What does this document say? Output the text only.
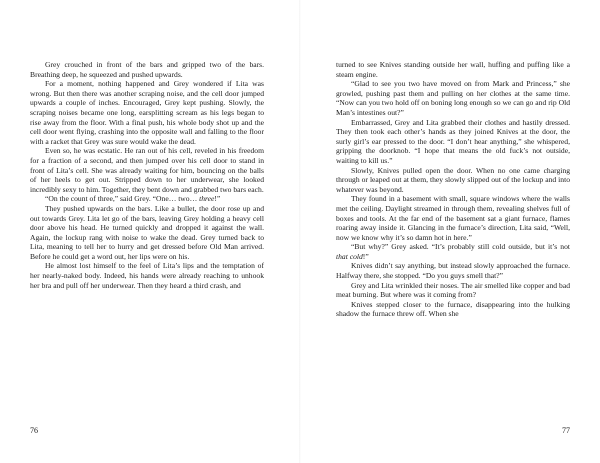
Grey crouched in front of the bars and gripped two of the bars. Breathing deep, he squeezed and pushed upwards.

For a moment, nothing happened and Grey wondered if Lita was wrong. But then there was another scraping noise, and the cell door jumped upwards a couple of inches. Encouraged, Grey kept pushing. Slowly, the scraping noises became one long, earsplitting scream as his legs began to rise away from the floor. With a final push, his whole body shot up and the cell door went flying, crashing into the opposite wall and falling to the floor with a racket that Grey was sure would wake the dead.

Even so, he was ecstatic. He ran out of his cell, reveled in his freedom for a fraction of a second, and then jumped over his cell door to stand in front of Lita’s cell. She was already waiting for him, bouncing on the balls of her heels to get out. Stripped down to her underwear, she looked incredibly sexy to him. Together, they bent down and grabbed two bars each.

“On the count of three,” said Grey. “One… two… three!”

They pushed upwards on the bars. Like a bullet, the door rose up and out towards Grey. Lita let go of the bars, leaving Grey holding a heavy cell door above his head. He turned quickly and dropped it against the wall. Again, the lockup rang with noise to wake the dead. Grey turned back to Lita, meaning to tell her to hurry and get dressed before Old Man arrived. Before he could get a word out, her lips were on his.

He almost lost himself to the feel of Lita’s lips and the temptation of her nearly-naked body. Indeed, his hands were already reaching to unhook her bra and pull off her underwear. Then they heard a third crash, and

turned to see Knives standing outside her wall, huffing and puffing like a steam engine.

“Glad to see you two have moved on from Mark and Princess,” she growled, pushing past them and pulling on her clothes at the same time. “Now can you two hold off on boning long enough so we can go and rip Old Man’s intestines out?”

Embarrassed, Grey and Lita grabbed their clothes and hastily dressed. They then took each other’s hands as they joined Knives at the door, the surly girl’s ear pressed to the door. “I don’t hear anything,” she whispered, gripping the doorknob. “I hope that means the old fuck’s not outside, waiting to kill us.”

Slowly, Knives pulled open the door. When no one came charging through or leaped out at them, they slowly slipped out of the lockup and into whatever was beyond.

They found in a basement with small, square windows where the walls met the ceiling. Daylight streamed in through them, revealing shelves full of boxes and tools. At the far end of the basement sat a giant furnace, flames roaring away inside it. Glancing in the furnace’s direction, Lita said, “Well, now we know why it’s so damn hot in here.”

“But why?” Grey asked. “It’s probably still cold outside, but it’s not that cold!”

Knives didn’t say anything, but instead slowly approached the furnace. Halfway there, she stopped. “Do you guys smell that?”

Grey and Lita wrinkled their noses. The air smelled like copper and bad meat burning. But where was it coming from?

Knives stepped closer to the furnace, disappearing into the hulking shadow the furnace threw off. When she

76	77
